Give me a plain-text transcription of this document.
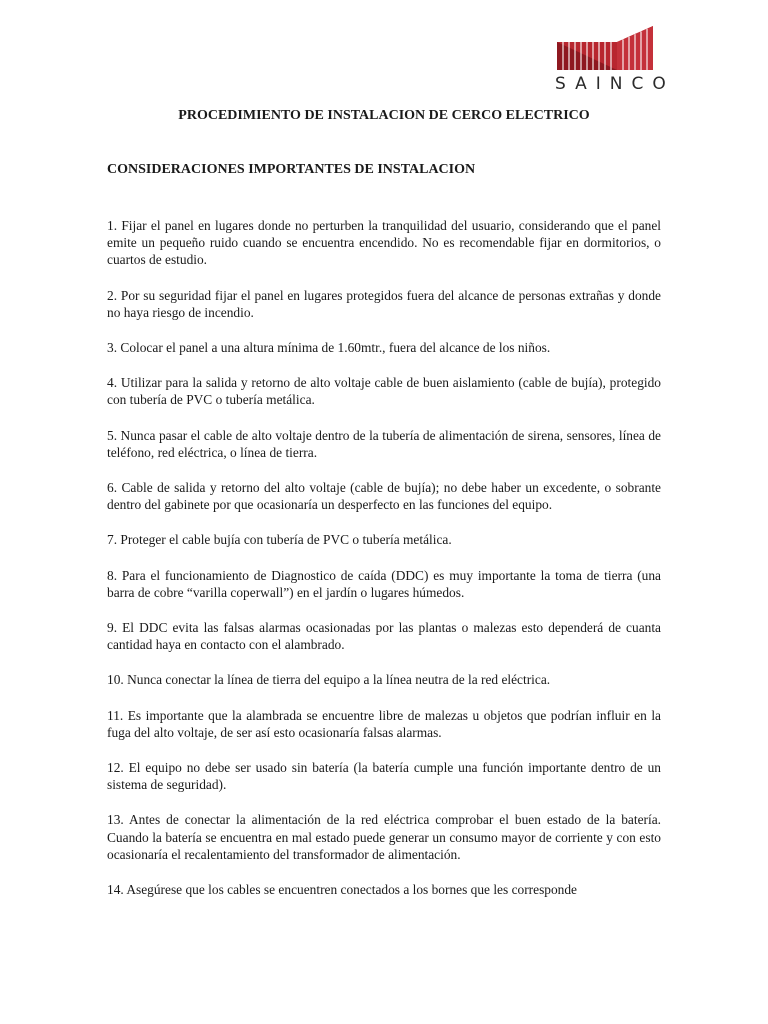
SAINCO
PROCEDIMIENTO DE INSTALACION DE CERCO ELECTRICO
CONSIDERACIONES IMPORTANTES DE INSTALACION

1. Fijar el panel en lugares donde no perturben la tranquilidad del usuario, considerando que el panel emite un pequeño ruido cuando se encuentra encendido. No es recomendable fijar en dormitorios, o cuartos de estudio.

2. Por su seguridad fijar el panel en lugares protegidos fuera del alcance de personas extrañas y donde no haya riesgo de incendio.

3. Colocar el panel a una altura mínima de 1.60mtr., fuera del alcance de los niños.

4. Utilizar para la salida y retorno de alto voltaje cable de buen aislamiento (cable de bujía), protegido con tubería de PVC o tubería metálica.

5. Nunca pasar el cable de alto voltaje dentro de la tubería de alimentación de sirena, sensores, línea de teléfono, red eléctrica, o línea de tierra.

6. Cable de salida y retorno del alto voltaje (cable de bujía); no debe haber un excedente, o sobrante dentro del gabinete por que ocasionaría un desperfecto en las funciones del equipo.

7. Proteger el cable bujía con tubería de PVC o tubería metálica.

8. Para el funcionamiento de Diagnostico de caída (DDC) es muy importante la toma de tierra (una barra de cobre “varilla coperwall”) en el jardín o lugares húmedos.

9. El DDC evita las falsas alarmas ocasionadas por las plantas o malezas esto dependerá de cuanta cantidad haya en contacto con el alambrado.

10. Nunca conectar la línea de tierra del equipo a la línea neutra de la red eléctrica.

11. Es importante que la alambrada se encuentre libre de malezas u objetos que podrían influir en la fuga del alto voltaje, de ser así esto ocasionaría falsas alarmas.

12. El equipo no debe ser usado sin batería (la batería cumple una función importante dentro de un sistema de seguridad).

13. Antes de conectar la alimentación de la red eléctrica comprobar el buen estado de la batería. Cuando la batería se encuentra en mal estado puede generar un consumo mayor de corriente y con esto ocasionaría el recalentamiento del transformador de alimentación.

14. Asegúrese que los cables se encuentren conectados a los bornes que les corresponde
